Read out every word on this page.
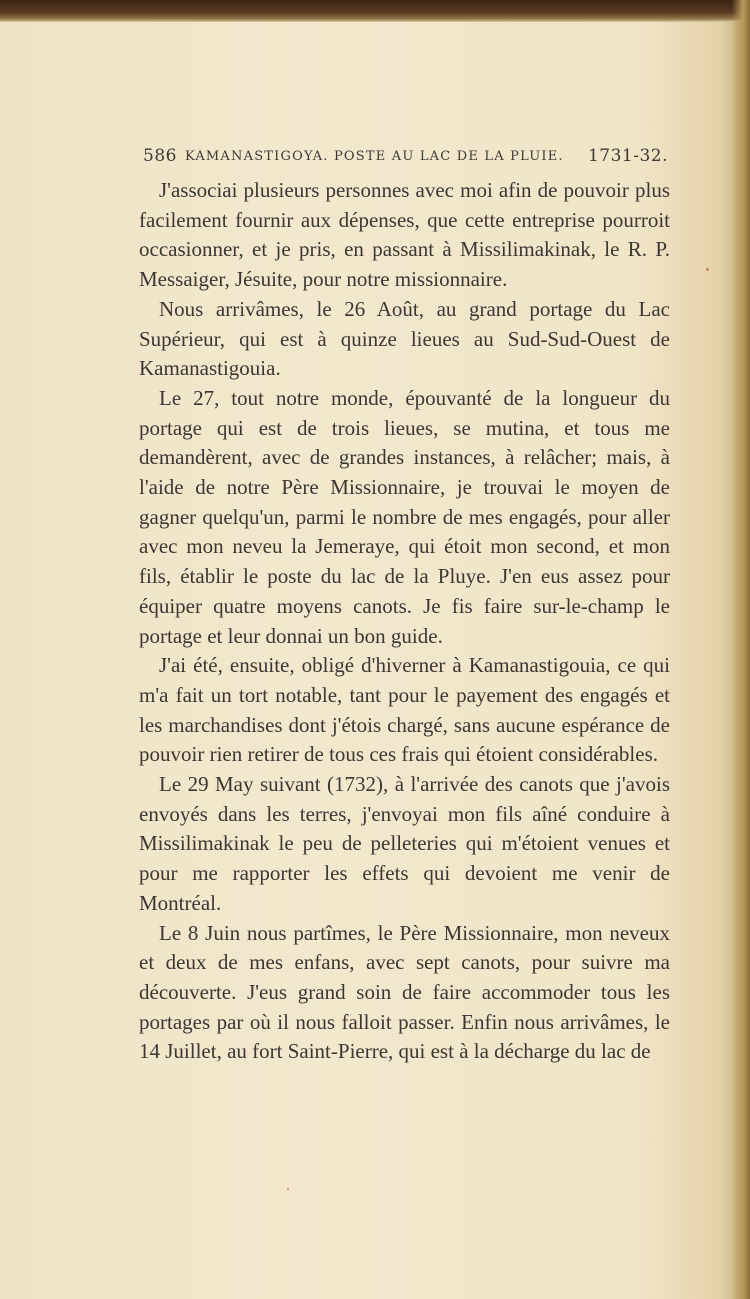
586 KAMANASTIGOYA. POSTE AU LAC DE LA PLUIE.	1731-32.

J'associai plusieurs personnes avec moi afin de pouvoir plus facilement fournir aux dépenses, que cette entreprise pourroit occasionner, et je pris, en passant à Missilimakinak, le R. P. Messaiger, Jésuite, pour notre missionnaire.

Nous arrivâmes, le 26 Août, au grand portage du Lac Supérieur, qui est à quinze lieues au Sud-Sud-Ouest de Kamanastigouia.

Le 27, tout notre monde, épouvanté de la longueur du portage qui est de trois lieues, se mutina, et tous me demandèrent, avec de grandes instances, à relâcher; mais, à l'aide de notre Père Missionnaire, je trouvai le moyen de gagner quelqu'un, parmi le nombre de mes engagés, pour aller avec mon neveu la Jemeraye, qui étoit mon second, et mon fils, établir le poste du lac de la Pluye. J'en eus assez pour équiper quatre moyens canots. Je fis faire sur-le-champ le portage et leur donnai un bon guide.

J'ai été, ensuite, obligé d'hiverner à Kamanastigouia, ce qui m'a fait un tort notable, tant pour le payement des engagés et les marchandises dont j'étois chargé, sans aucune espérance de pouvoir rien retirer de tous ces frais qui étoient considérables.

Le 29 May suivant (1732), à l'arrivée des canots que j'avois envoyés dans les terres, j'envoyai mon fils aîné conduire à Missilimakinak le peu de pelleteries qui m'étoient venues et pour me rapporter les effets qui devoient me venir de Montréal.

Le 8 Juin nous partîmes, le Père Missionnaire, mon neveux et deux de mes enfans, avec sept canots, pour suivre ma découverte. J'eus grand soin de faire accommoder tous les portages par où il nous falloit passer. Enfin nous arrivâmes, le 14 Juillet, au fort Saint-Pierre, qui est à la décharge du lac de
